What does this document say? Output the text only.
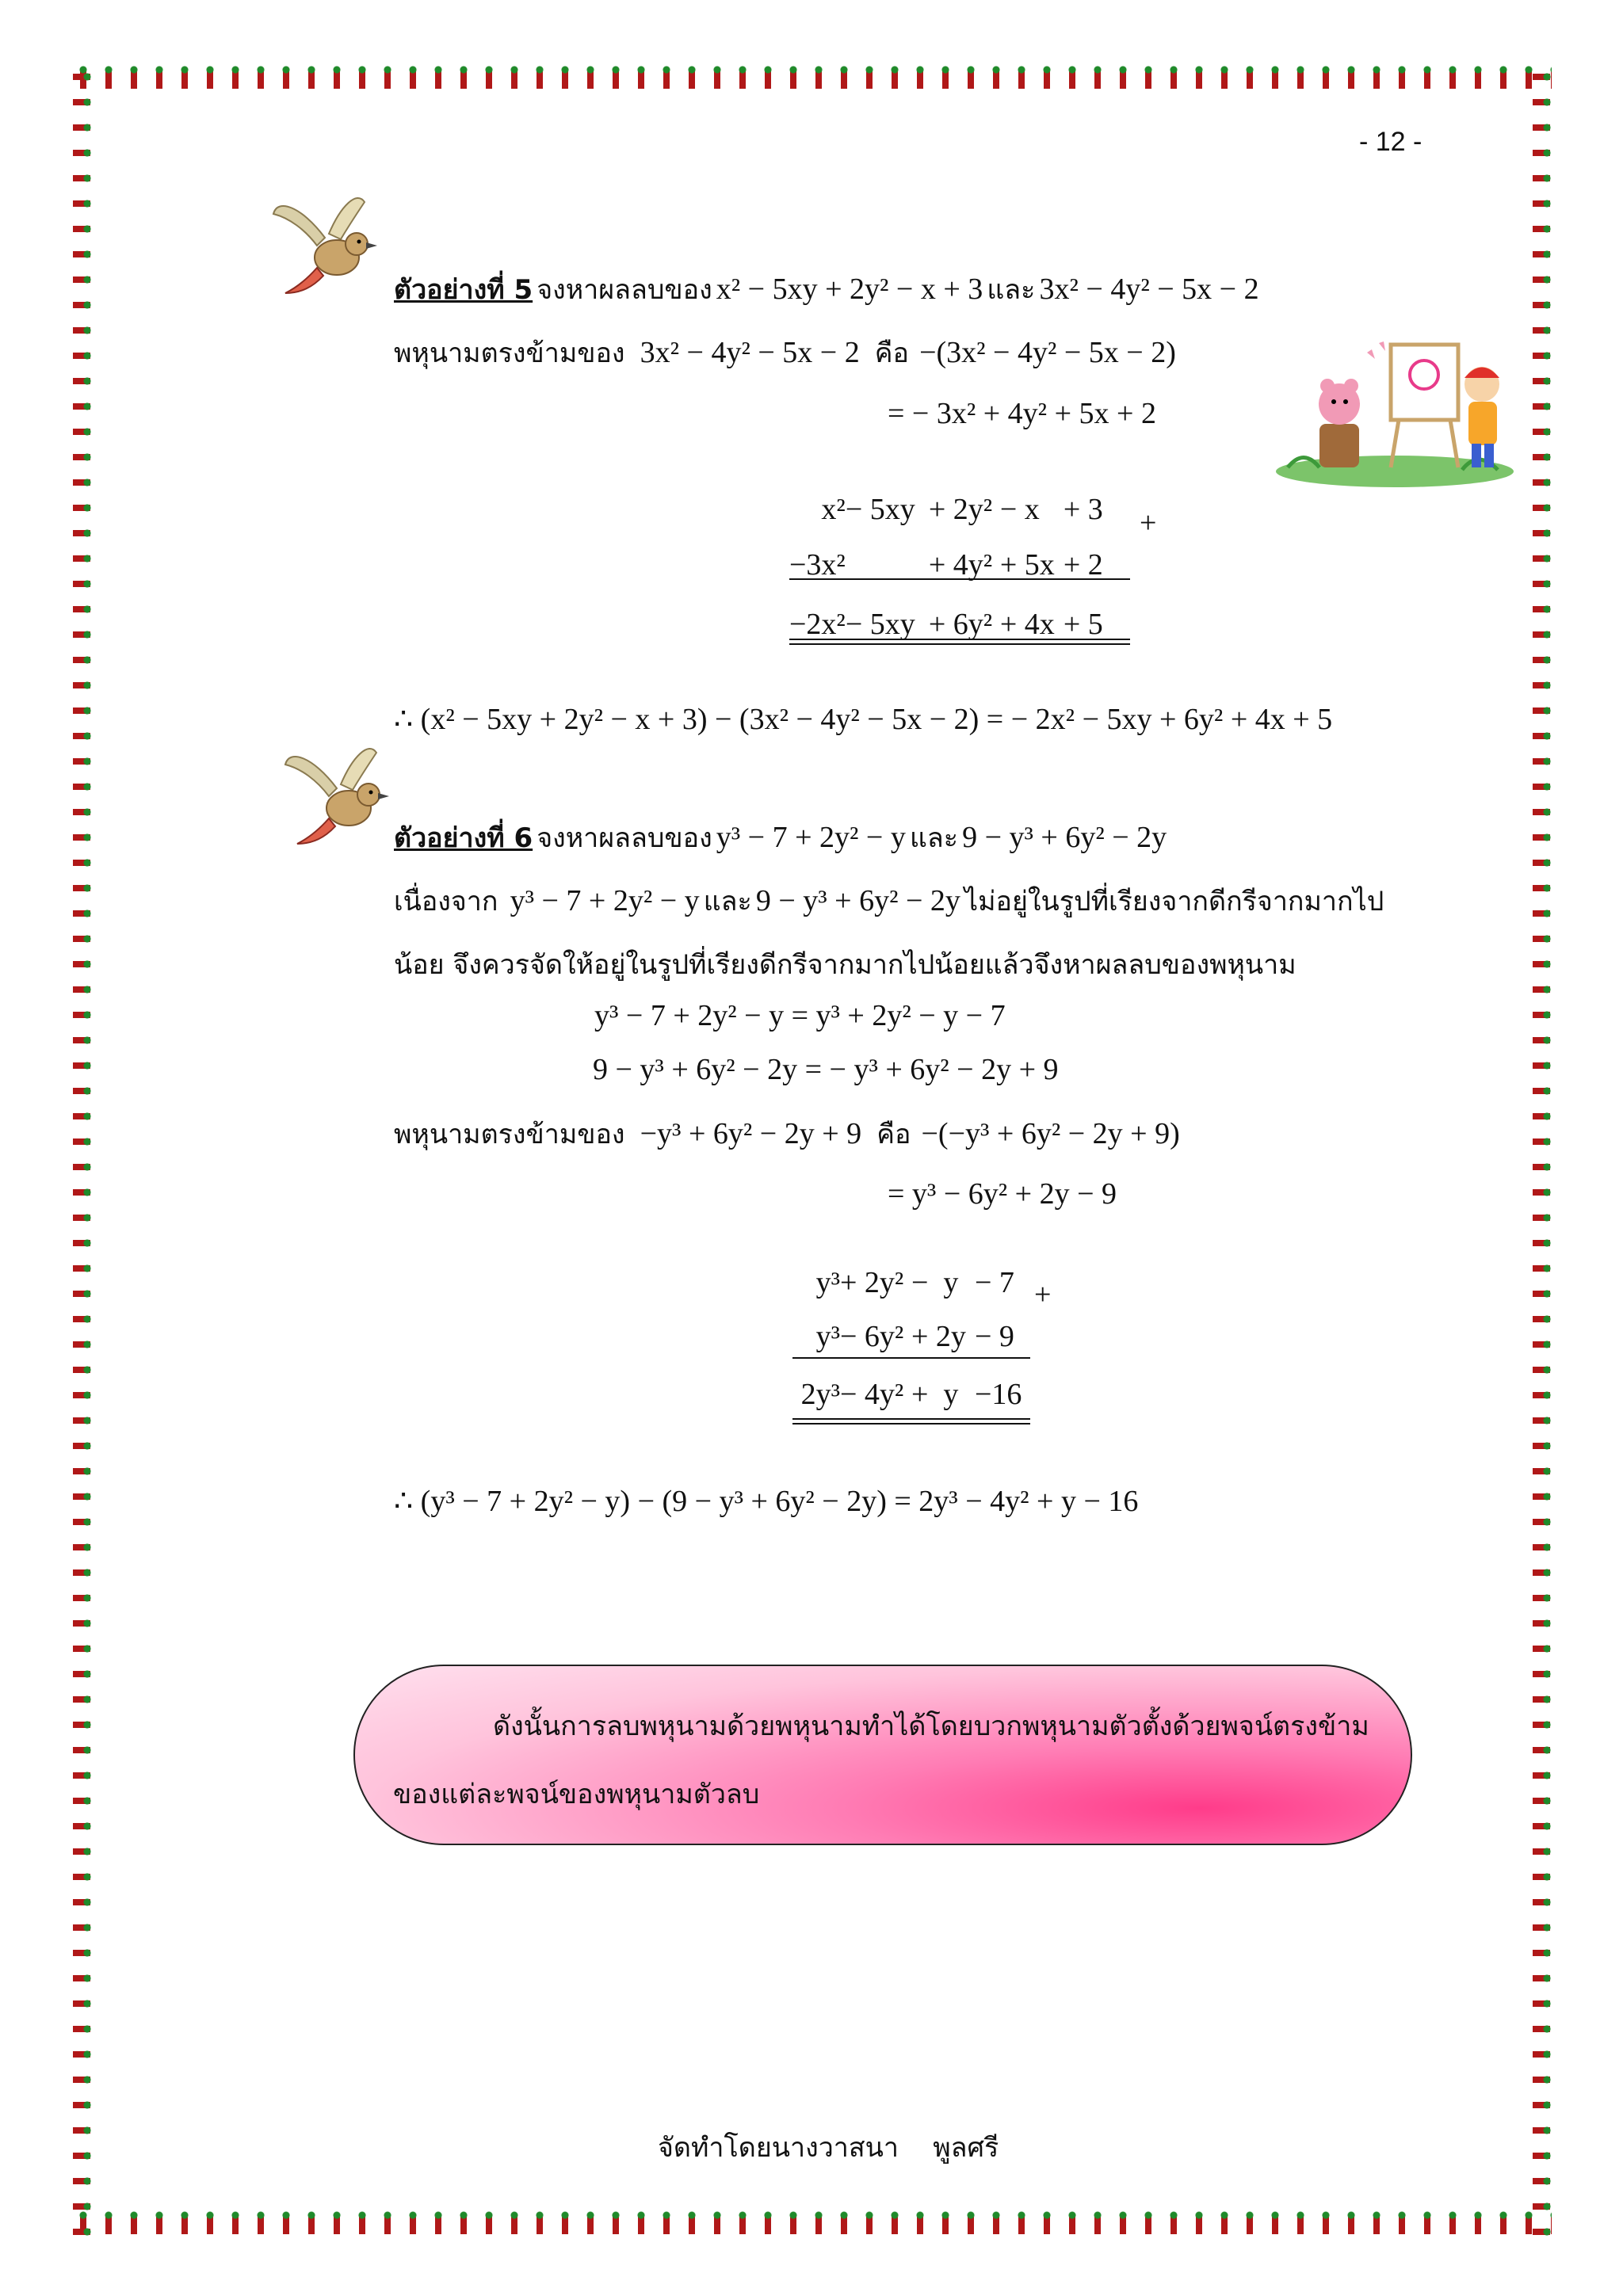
- 12 -
ตัวอย่างที่ 5 จงหาผลลบของ x² − 5xy + 2y² − x + 3 และ 3x² − 4y² − 5x − 2
พหุนามตรงข้ามของ 3x² − 4y² − 5x − 2 คือ −(3x² − 4y² − 5x − 2)
= − 3x² + 4y² + 5x + 2
x²	− 5xy	+ 2y²	− x	+ 3
−3x²		+ 4y²	+ 5x	+ 2
−2x²	− 5xy	+ 6y²	+ 4x	+ 5
+
∴ (x² − 5xy + 2y² − x + 3) − (3x² − 4y² − 5x − 2) = − 2x² − 5xy + 6y² + 4x + 5
ตัวอย่างที่ 6 จงหาผลลบของ y³ − 7 + 2y² − y และ 9 − y³ + 6y² − 2y
เนื่องจาก y³ − 7 + 2y² − y และ 9 − y³ + 6y² − 2y ไม่อยู่ในรูปที่เรียงจากดีกรีจากมากไป
น้อย จึงควรจัดให้อยู่ในรูปที่เรียงดีกรีจากมากไปน้อยแล้วจึงหาผลลบของพหุนาม
y³ − 7 + 2y² − y = y³ + 2y² − y − 7
9 − y³ + 6y² − 2y = − y³ + 6y² − 2y + 9
พหุนามตรงข้ามของ −y³ + 6y² − 2y + 9 คือ −(−y³ + 6y² − 2y + 9)
= y³ − 6y² + 2y − 9
y³	+ 2y²	−  y	− 7
y³	− 6y²	+ 2y	− 9
2y³	− 4y²	+  y	−16
+
∴ (y³ − 7 + 2y² − y) − (9 − y³ + 6y² − 2y) = 2y³ − 4y² + y − 16
ดังนั้นการลบพหุนามด้วยพหุนามทำได้โดยบวกพหุนามตัวตั้งด้วยพจน์ตรงข้าม
ของแต่ละพจน์ของพหุนามตัวลบ
จัดทำโดยนางวาสนา    พูลศรี
